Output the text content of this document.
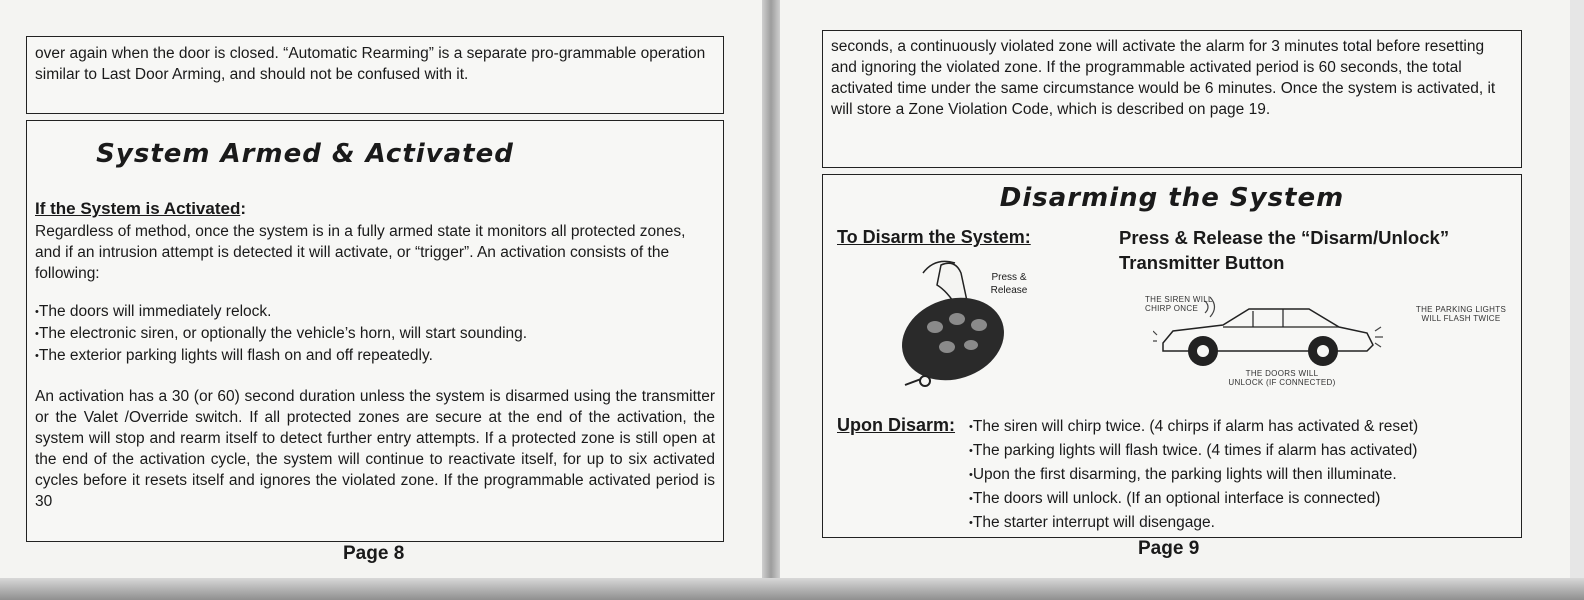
over again when the door is closed. “Automatic Rearming” is a separate pro-grammable operation similar to Last Door Arming, and should not be confused with it.

System Armed & Activated
If the System is Activated:

Regardless of method, once the system is in a fully armed state it monitors all protected zones, and if an intrusion attempt is detected it will activate, or “trigger”. An activation consists of the following:

• The doors will immediately relock.
• The electronic siren, or optionally the vehicle’s horn, will start sounding.
• The exterior parking lights will flash on and off repeatedly.

An activation has a 30 (or 60) second duration unless the system is disarmed using the transmitter or the Valet /Override switch. If all protected zones are secure at the end of the activation, the system will stop and rearm itself to detect further entry attempts. If a protected zone is still open at the end of the activation cycle, the system will continue to reactivate itself, for up to six activated cycles before it resets itself and ignores the violated zone. If the programmable activated period is 30

Page 8

seconds, a continuously violated zone will activate the alarm for 3 minutes total before resetting and ignoring the violated zone. If the programmable activated period is 60 seconds, the total activated time under the same circumstance would be 6 minutes. Once the system is activated, it will store a Zone Violation Code, which is described on page 19.

Disarming the System
To Disarm the System:	Press & Release the “Disarm/Unlock” Transmitter Button
Press & Release
THE SIREN WILL CHIRP ONCE	THE PARKING LIGHTS WILL FLASH TWICE
THE DOORS WILL UNLOCK (IF CONNECTED)
Upon Disarm:
• The siren will chirp twice. (4 chirps if alarm has activated & reset)
• The parking lights will flash twice. (4 times if alarm has activated)
• Upon the first disarming, the parking lights will then illuminate.
• The doors will unlock. (If an optional interface is connected)
• The starter interrupt will disengage.
Page 9
